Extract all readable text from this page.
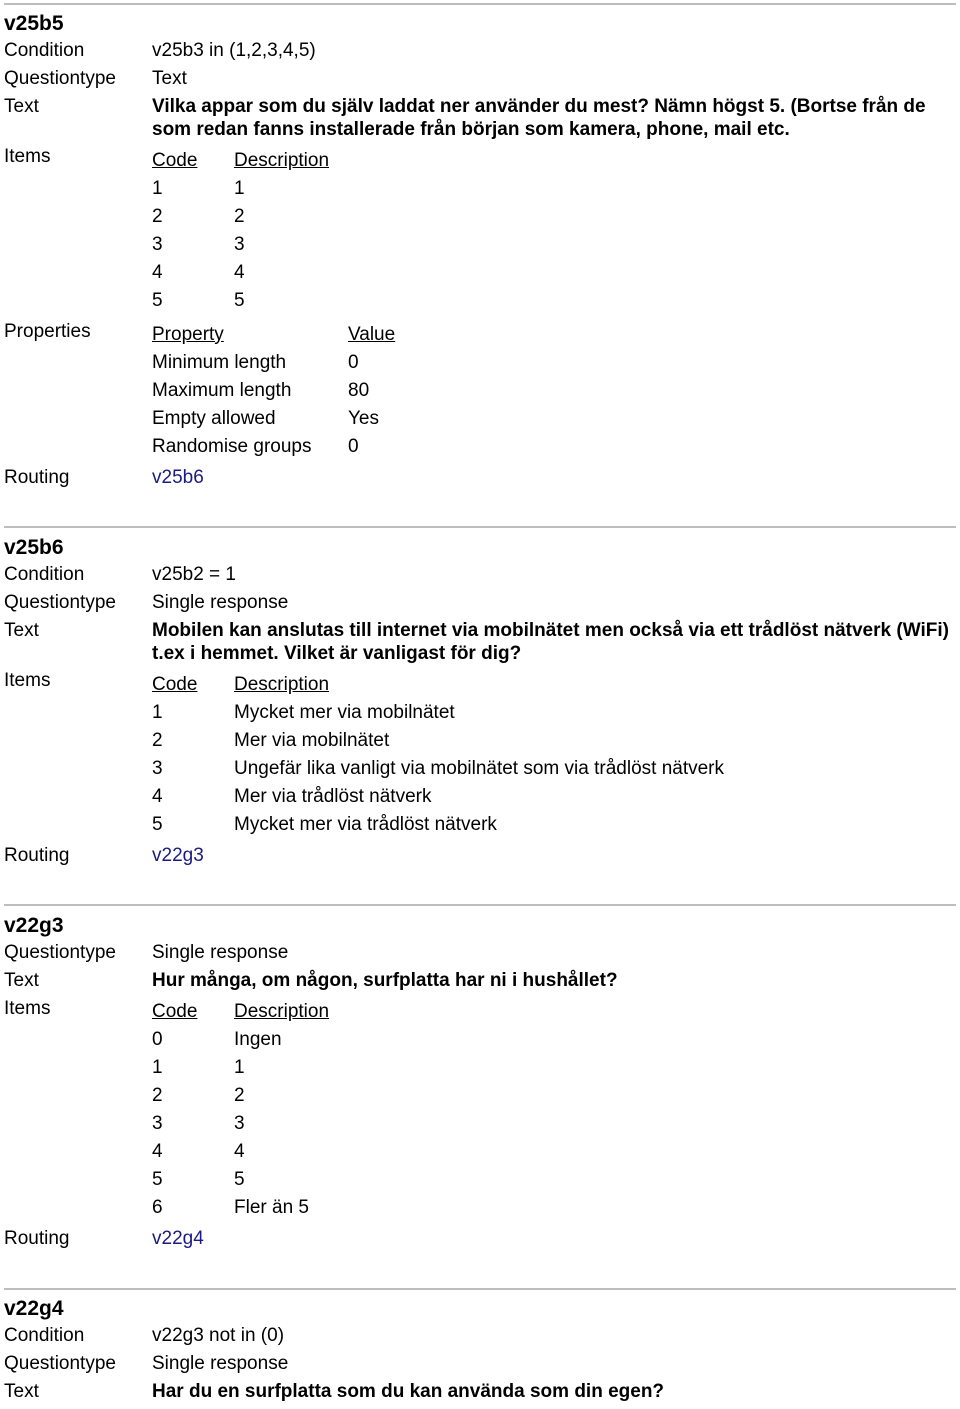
v25b5
Condition	v25b3 in (1,2,3,4,5)
Questiontype Text
Text	Vilka appar som du själv laddat ner använder du mest? Nämn högst 5. (Bortse från de
som redan fanns installerade från början som kamera, phone, mail etc.
Items	Code Description
1	1
2	2
3	3
4	4
5	5
Properties	Property	Value
Minimum length	0
Maximum length	80
Empty allowed	Yes
Randomise groups 0
Routing	v25b6
v25b6
Condition	v25b2 = 1
Questiontype Single response
Text	Mobilen kan anslutas till internet via mobilnätet men också via ett trådlöst nätverk (WiFi)
t.ex i hemmet. Vilket är vanligast för dig?
Items	Code Description
1	Mycket mer via mobilnätet
2	Mer via mobilnätet
3	Ungefär lika vanligt via mobilnätet som via trådlöst nätverk
4	Mer via trådlöst nätverk
5	Mycket mer via trådlöst nätverk
Routing	v22g3
v22g3
Questiontype Single response
Text	Hur många, om någon, surfplatta har ni i hushållet?
Items	Code Description
0	Ingen
1	1
2	2
3	3
4	4
5	5
6	Fler än 5
Routing	v22g4
v22g4
Condition	v22g3 not in (0)
Questiontype Single response
Text	Har du en surfplatta som du kan använda som din egen?
